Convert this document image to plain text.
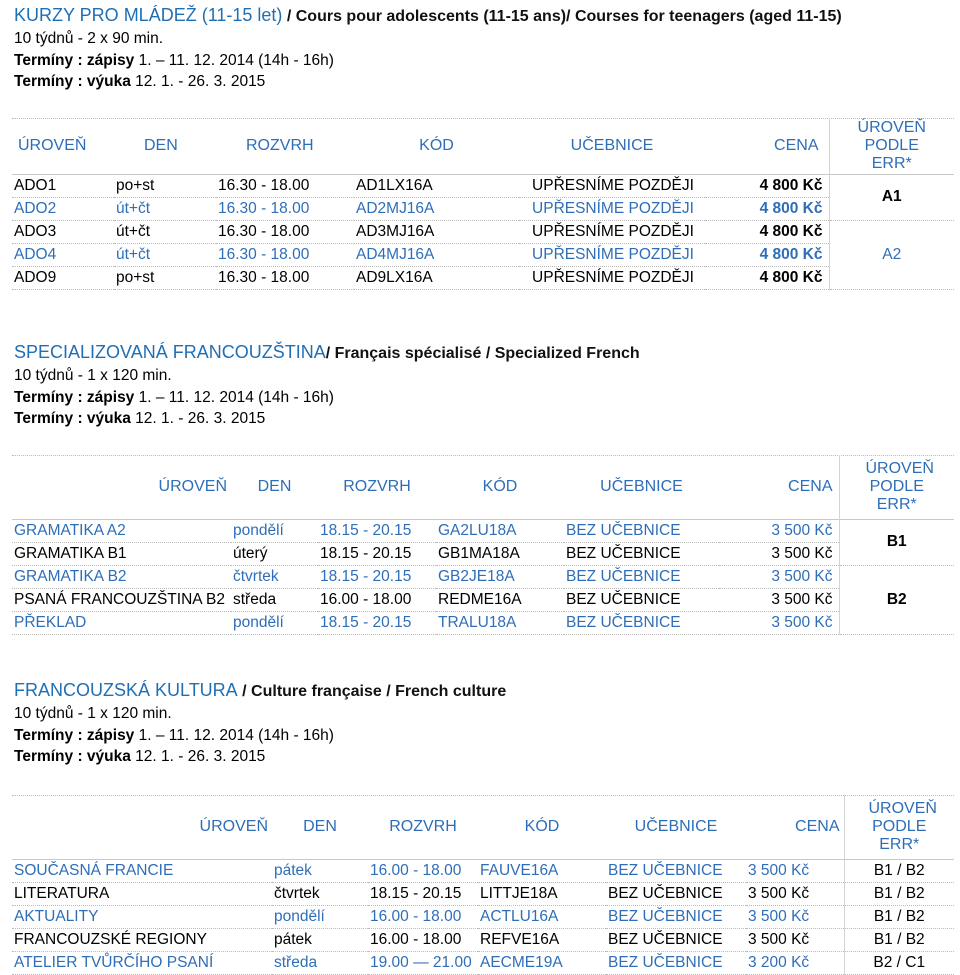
KURZY PRO MLÁDEŽ (11-15 let) / Cours pour adolescents (11-15 ans)/ Courses for teenagers (aged 11-15)
10 týdnů - 2 x 90 min.
Termíny : zápisy 1. – 11. 12. 2014 (14h - 16h)
Termíny : výuka 12. 1. - 26. 3. 2015
ÚROVEŇ	DEN	ROZVRH	KÓD	UČEBNICE	CENA	ÚROVEŇ PODLE ERR*
ADO1	po+st	16.30 - 18.00	AD1LX16A	UPŘESNÍME POZDĚJI	4 800 Kč	A1
ADO2	út+čt	16.30 - 18.00	AD2MJ16A	UPŘESNÍME POZDĚJI	4 800 Kč	
ADO3	út+čt	16.30 - 18.00	AD3MJ16A	UPŘESNÍME POZDĚJI	4 800 Kč	A2
ADO4	út+čt	16.30 - 18.00	AD4MJ16A	UPŘESNÍME POZDĚJI	4 800 Kč	
ADO9	po+st	16.30 - 18.00	AD9LX16A	UPŘESNÍME POZDĚJI	4 800 Kč	
SPECIALIZOVANÁ FRANCOUZŠTINA/ Français spécialisé / Specialized French
10 týdnů - 1 x 120 min.
Termíny : zápisy 1. – 11. 12. 2014 (14h - 16h)
Termíny : výuka 12. 1. - 26. 3. 2015
ÚROVEŇ	DEN	ROZVRH	KÓD	UČEBNICE	CENA	ÚROVEŇ PODLE ERR*
GRAMATIKA A2	pondělí	18.15 - 20.15	GA2LU18A	BEZ UČEBNICE	3 500 Kč	B1
GRAMATIKA B1	úterý	18.15 - 20.15	GB1MA18A	BEZ UČEBNICE	3 500 Kč	
GRAMATIKA B2	čtvrtek	18.15 - 20.15	GB2JE18A	BEZ UČEBNICE	3 500 Kč	B2
PSANÁ FRANCOUZŠTINA B2	středa	16.00 - 18.00	REDME16A	BEZ UČEBNICE	3 500 Kč	
PŘEKLAD	pondělí	18.15 - 20.15	TRALU18A	BEZ UČEBNICE	3 500 Kč	
FRANCOUZSKÁ KULTURA / Culture française / French culture
10 týdnů - 1 x 120 min.
Termíny : zápisy 1. – 11. 12. 2014 (14h - 16h)
Termíny : výuka 12. 1. - 26. 3. 2015
ÚROVEŇ	DEN	ROZVRH	KÓD	UČEBNICE	CENA	ÚROVEŇ PODLE ERR*
SOUČASNÁ FRANCIE	pátek	16.00 - 18.00	FAUVE16A	BEZ UČEBNICE	3 500 Kč	B1 / B2
LITERATURA	čtvrtek	18.15 - 20.15	LITTJE18A	BEZ UČEBNICE	3 500 Kč	B1 / B2
AKTUALITY	pondělí	16.00 - 18.00	ACTLU16A	BEZ UČEBNICE	3 500 Kč	B1 / B2
FRANCOUZSKÉ REGIONY	pátek	16.00 - 18.00	REFVE16A	BEZ UČEBNICE	3 500 Kč	B1 / B2
ATELIER TVŮRČÍHO PSANÍ	středa	19.00 — 21.00	AECME19A	BEZ UČEBNICE	3 200 Kč	B2 / C1
